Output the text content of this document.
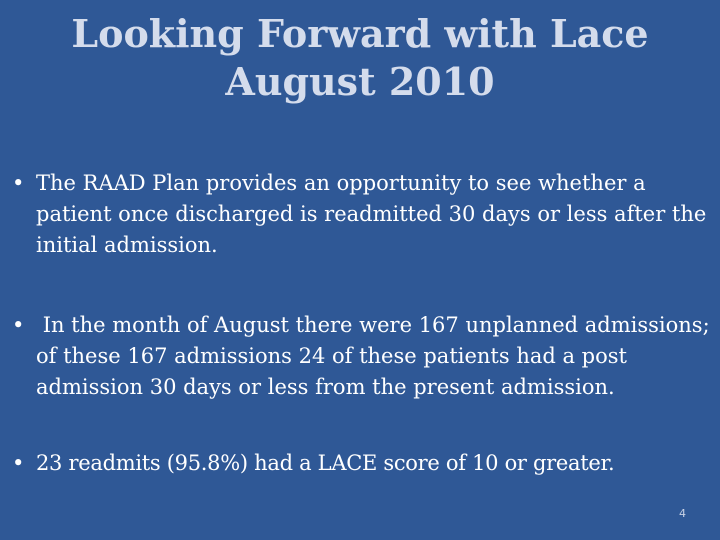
Looking Forward with Lace
August 2010
• The RAAD Plan provides an opportunity to see whether a patient once discharged is readmitted 30 days or less after the initial admission.
• In the month of August there were 167 unplanned admissions; of these 167 admissions 24 of these patients had a post admission 30 days or less from the present admission.
• 23 readmits (95.8%) had a LACE score of 10 or greater.
4
